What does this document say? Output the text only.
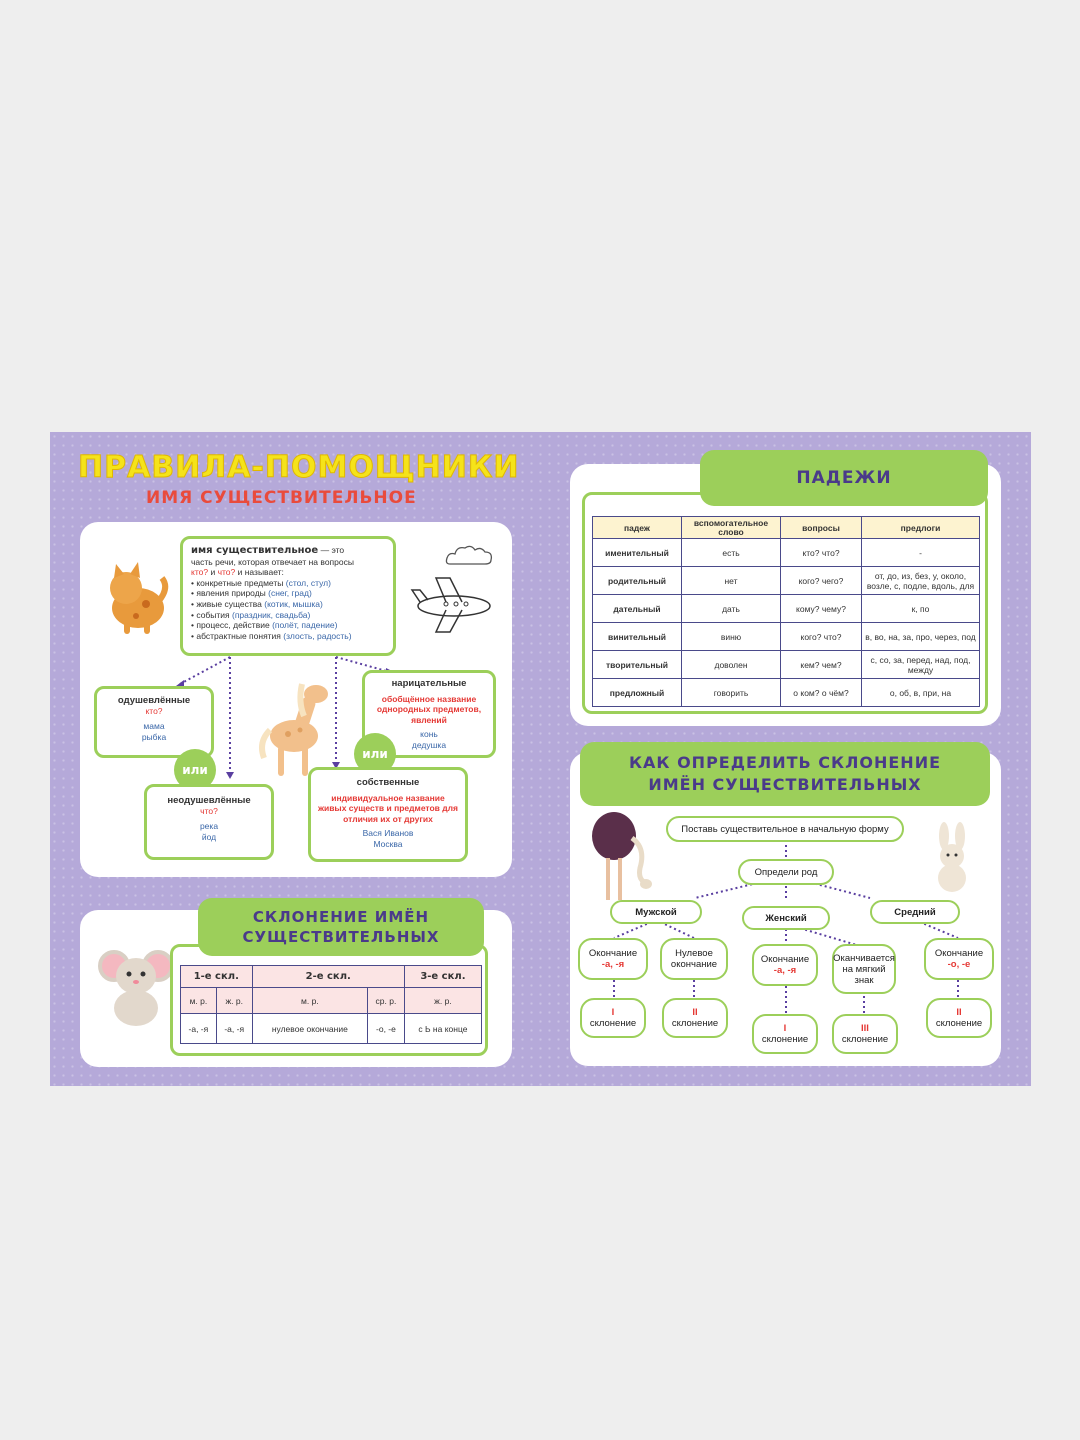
ПРАВИЛА-ПОМОЩНИКИ
ИМЯ СУЩЕСТВИТЕЛЬНОЕ
имя существительное — это
часть речи, которая отвечает на вопросы
кто? и что? и называет:
• конкретные предметы (стол, стул)
• явления природы (снег, град)
• живые существа (котик, мышка)
• события (праздник, свадьба)
• процесс, действие (полёт, падение)
• абстрактные понятия (злость, радость)
одушевлённые
кто?
мама
рыбка
или
неодушевлённые
что?
река
йод
нарицательные
обобщённое название однородных предметов, явлений
конь
дедушка
или
собственные
индивидуальное название живых существ и предметов для отличия их от других
Вася Иванов
Москва
СКЛОНЕНИЕ ИМЁН СУЩЕСТВИТЕЛЬНЫХ
1-е скл.		2-е скл.		3-е скл.
м. р.	ж. р.	м. р.	ср. р.	ж. р.
-а, -я	-а, -я	нулевое окончание	-о, -е	с Ь на конце
ПАДЕЖИ
падеж	вспомогательное слово	вопросы	предлоги
именительный	есть	кто? что?	-
родительный	нет	кого? чего?	от, до, из, без, у, около, возле, с, подле, вдоль, для
дательный	дать	кому? чему?	к, по
винительный	виню	кого? что?	в, во, на, за, про, через, под
творительный	доволен	кем? чем?	с, со, за, перед, над, под, между
предложный	говорить	о ком? о чём?	о, об, в, при, на
КАК ОПРЕДЕЛИТЬ СКЛОНЕНИЕ
ИМЁН СУЩЕСТВИТЕЛЬНЫХ
Поставь существительное в начальную форму
Определи род
Мужской
Женский
Средний
Окончание
-а, -я
Нулевое
окончание	Окончание
-а, -я
Оканчивается на мягкий знак
Окончание
-о, -е
I
склонение
II
склонение	I
склонение
III
склонение
II
склонение
